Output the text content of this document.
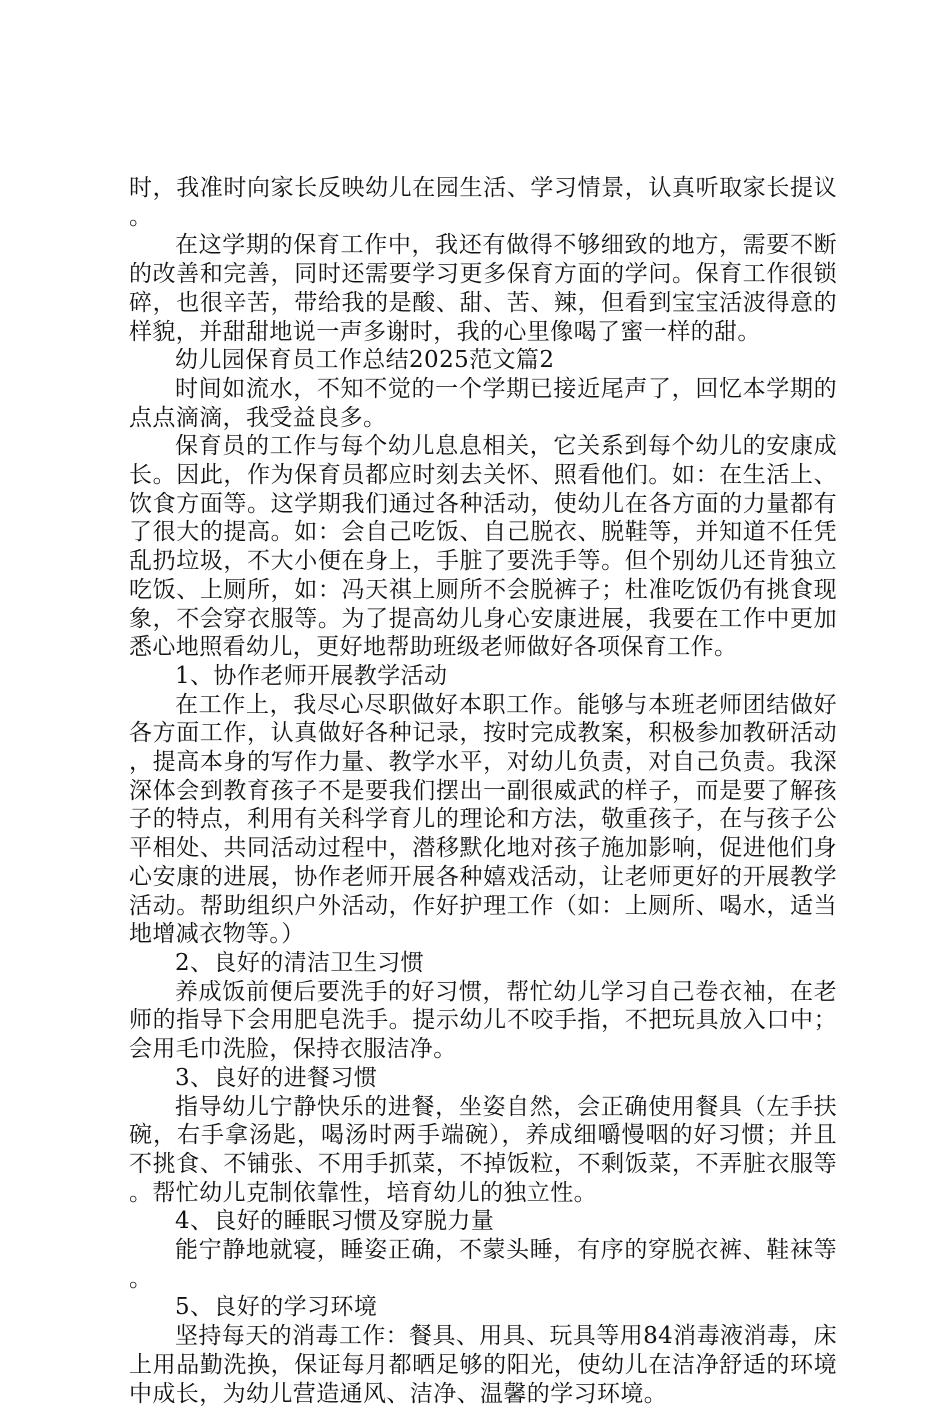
时，我准时向家长反映幼儿在园生活、学习情景，认真听取家长提议。

在这学期的保育工作中，我还有做得不够细致的地方，需要不断的改善和完善，同时还需要学习更多保育方面的学问。保育工作很锁碎，也很辛苦，带给我的是酸、甜、苦、辣，但看到宝宝活波得意的样貌，并甜甜地说一声多谢时，我的心里像喝了蜜一样的甜。

幼儿园保育员工作总结2025范文篇2

时间如流水，不知不觉的一个学期已接近尾声了，回忆本学期的点点滴滴，我受益良多。

保育员的工作与每个幼儿息息相关，它关系到每个幼儿的安康成长。因此，作为保育员都应时刻去关怀、照看他们。如：在生活上、饮食方面等。这学期我们通过各种活动，使幼儿在各方面的力量都有了很大的提高。如：会自己吃饭、自己脱衣、脱鞋等，并知道不任凭乱扔垃圾，不大小便在身上，手脏了要洗手等。但个别幼儿还肯独立吃饭、上厕所，如：冯天祺上厕所不会脱裤子；杜准吃饭仍有挑食现象，不会穿衣服等。为了提高幼儿身心安康进展，我要在工作中更加悉心地照看幼儿，更好地帮助班级老师做好各项保育工作。

1、协作老师开展教学活动

在工作上，我尽心尽职做好本职工作。能够与本班老师团结做好各方面工作，认真做好各种记录，按时完成教案，积极参加教研活动，提高本身的写作力量、教学水平，对幼儿负责，对自己负责。我深深体会到教育孩子不是要我们摆出一副很威武的样子，而是要了解孩子的特点，利用有关科学育儿的理论和方法，敬重孩子，在与孩子公平相处、共同活动过程中，潜移默化地对孩子施加影响，促进他们身心安康的进展，协作老师开展各种嬉戏活动，让老师更好的开展教学活动。帮助组织户外活动，作好护理工作（如：上厕所、喝水，适当地增减衣物等。）

2、良好的清洁卫生习惯

养成饭前便后要洗手的好习惯，帮忙幼儿学习自己卷衣袖，在老师的指导下会用肥皂洗手。提示幼儿不咬手指，不把玩具放入口中；会用毛巾洗脸，保持衣服洁净。

3、良好的进餐习惯

指导幼儿宁静快乐的进餐，坐姿自然，会正确使用餐具（左手扶碗，右手拿汤匙，喝汤时两手端碗），养成细嚼慢咽的好习惯；并且不挑食、不铺张、不用手抓菜，不掉饭粒，不剩饭菜，不弄脏衣服等。帮忙幼儿克制依靠性，培育幼儿的独立性。

4、良好的睡眠习惯及穿脱力量

能宁静地就寝，睡姿正确，不蒙头睡，有序的穿脱衣裤、鞋袜等。

5、良好的学习环境

坚持每天的消毒工作：餐具、用具、玩具等用84消毒液消毒，床上用品勤洗换，保证每月都晒足够的阳光，使幼儿在洁净舒适的环境中成长，为幼儿营造通风、洁净、温馨的学习环境。
